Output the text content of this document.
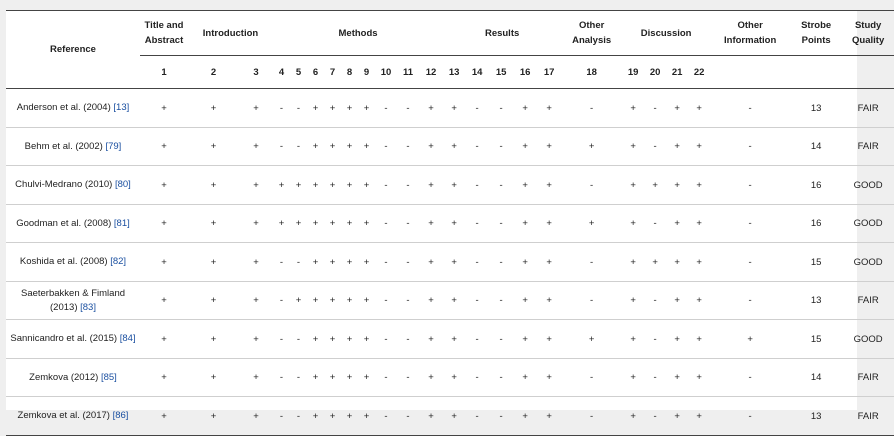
Reference	Title and Abstract	Introduction		Methods									Results					Other Analysis	Discussion				Other Information	Strobe Points	Study Quality
	1	2	3	4	5	6	7	8	9	10	11	12	13	14	15	16	17	18	19	20	21	22			
Anderson et al. (2004) [13]	+	+	+	-	-	+	+	+	+	-	-	+	+	-	-	+	+	-	+	-	+	+	-	13	FAIR
Behm et al. (2002) [79]	+	+	+	-	-	+	+	+	+	-	-	+	+	-	-	+	+	+	+	-	+	+	-	14	FAIR
Chulvi-Medrano (2010) [80]	+	+	+	+	+	+	+	+	+	-	-	+	+	-	-	+	+	-	+	+	+	+	-	16	GOOD
Goodman et al. (2008) [81]	+	+	+	+	+	+	+	+	+	-	-	+	+	-	-	+	+	+	+	-	+	+	-	16	GOOD
Koshida et al. (2008) [82]	+	+	+	-	-	+	+	+	+	-	-	+	+	-	-	+	+	-	+	+	+	+	-	15	GOOD
Saeterbakken & Fimland (2013) [83]	+	+	+	-	+	+	+	+	+	-	-	+	+	-	-	+	+	-	+	-	+	+	-	13	FAIR
Sannicandro et al. (2015) [84]	+	+	+	-	-	+	+	+	+	-	-	+	+	-	-	+	+	+	+	-	+	+	+	15	GOOD
Zemkova (2012) [85]	+	+	+	-	-	+	+	+	+	-	-	+	+	-	-	+	+	-	+	-	+	+	-	14	FAIR
Zemkova et al. (2017) [86]	+	+	+	-	-	+	+	+	+	-	-	+	+	-	-	+	+	-	+	-	+	+	-	13	FAIR
